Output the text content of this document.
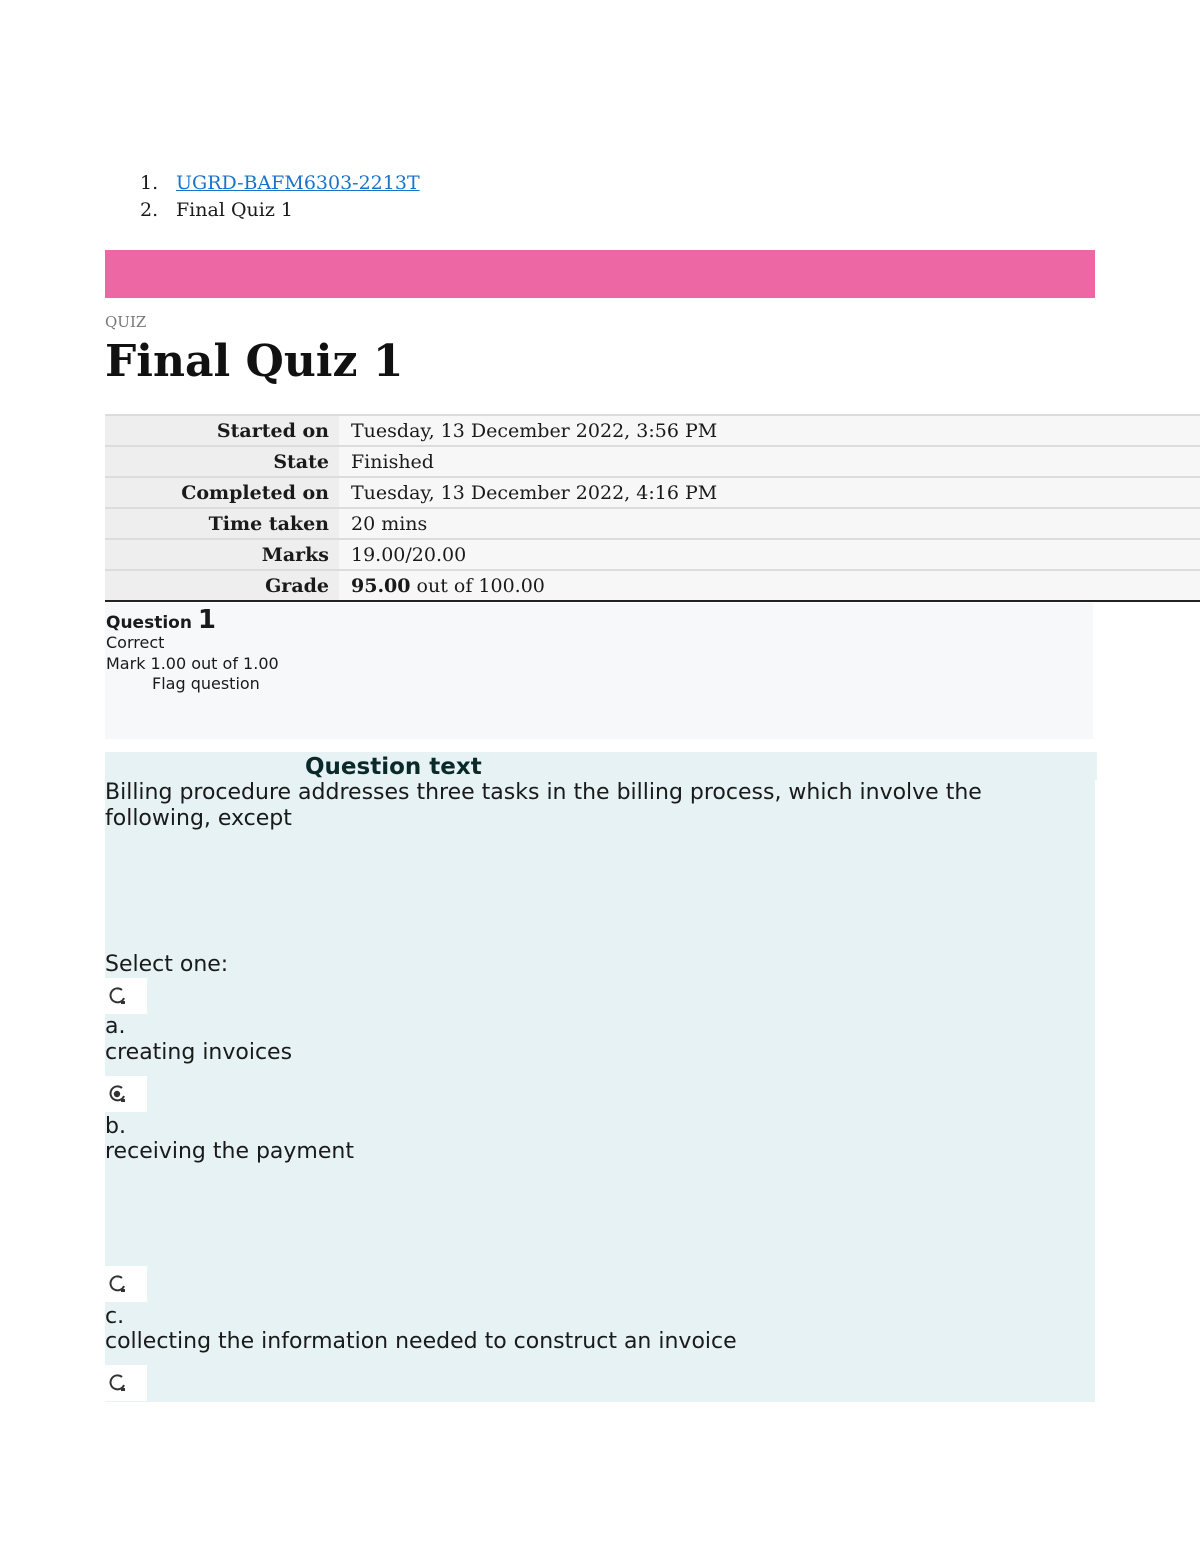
1. UGRD-BAFM6303-2213T
2. Final Quiz 1
QUIZ
Final Quiz 1
Started on	Tuesday, 13 December 2022, 3:56 PM
State	Finished
Completed on	Tuesday, 13 December 2022, 4:16 PM
Time taken	20 mins
Marks	19.00/20.00
Grade	95.00 out of 100.00
Question 1
Correct
Mark 1.00 out of 1.00
Flag question
Question text
Billing procedure addresses three tasks in the billing process, which involve the following, except
Select one:
a.
creating invoices
b.
receiving the payment
c.
collecting the information needed to construct an invoice
